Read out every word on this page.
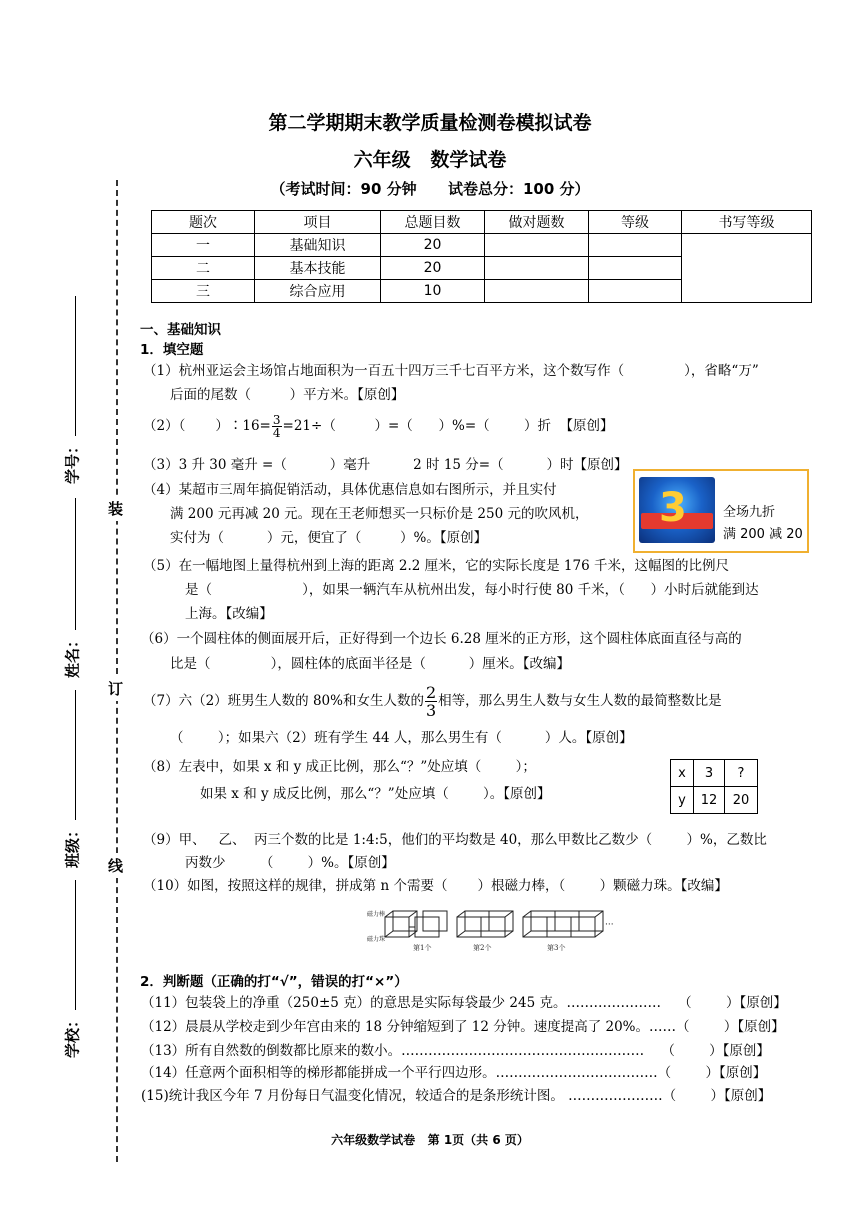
第二学期期末教学质量检测卷模拟试卷
六年级   数学试卷
（考试时间：90 分钟      试卷总分：100 分）
题次	项目	总题目数	做对题数	等级	书写等级
一	基础知识	20			
二	基本技能	20			
三	综合应用	10			
装
订
线
学号：
姓名：
班级：
学校：
一、基础知识
1．填空题
（1）杭州亚运会主场馆占地面积为一百五十四万三千七百平方米，这个数写作（              ），省略“万”
后面的尾数（         ）平方米。【原创】
（2）（       ）∶16= $\frac{3}{4} =21\div$（         ）=（      ）%=（        ）折  【原创】
（3）3 升 30 毫升 =（          ）毫升          2 时 15 分=（          ）时【原创】
（4）某超市三周年搞促销活动，具体优惠信息如右图所示，并且实付
满 200 元再减 20 元。现在王老师想买一只标价是 250 元的吹风机，
实付为（          ）元，便宜了（         ）%。【原创】
3	全场九折
满 200 减 20
（5）在一幅地图上量得杭州到上海的距离 2.2 厘米，它的实际长度是 176 千米，这幅图的比例尺
是（                     ），如果一辆汽车从杭州出发，每小时行使 80 千米，（      ）小时后就能到达
上海。【改编】
（6）一个圆柱体的侧面展开后，正好得到一个边长 6.28 厘米的正方形，这个圆柱体底面直径与高的
比是（              ），圆柱体的底面半径是（          ）厘米。【改编】
（7）六（2）班男生人数的 80%和女生人数的 $\frac{2}{3}$ 相等，那么男生人数与女生人数的最简整数比是
（        ）；如果六（2）班有学生 44 人，那么男生有（          ）人。【原创】
（8）左表中，如果 x 和 y 成正比例，那么“？”处应填（        ）；
如果 x 和 y 成反比例，那么“？”处应填（        ）。【原创】
x	3	?
y	12	20
（9）甲、   乙、  丙三个数的比是 1:4:5，他们的平均数是 40，那么甲数比乙数少（        ）%，乙数比
丙数少        （        ）%。【原创】
（10）如图，按照这样的规律，拼成第 n 个需要（       ）根磁力棒，（        ）颗磁力珠。【改编】
磁力棒
磁力珠
第1个	第2个	第3个
···
2．判断题（正确的打“√”，错误的打“×”）
（11）包装袋上的净重（250±5 克）的意思是实际每袋最少 245 克。…………………    （        ）【原创】
（12）晨晨从学校走到少年宫由来的 18 分钟缩短到了 12 分钟。速度提高了 20%。……（        ）【原创】
（13）所有自然数的倒数都比原来的数小。………………………………………………    （        ）【原创】
（14）任意两个面积相等的梯形都能拼成一个平行四边形。………………………………（        ）【原创】
(15)统计我区今年 7 月份每日气温变化情况，较适合的是条形统计图。 …………………（        ）【原创】
六年级数学试卷   第 1页（共 6 页）
